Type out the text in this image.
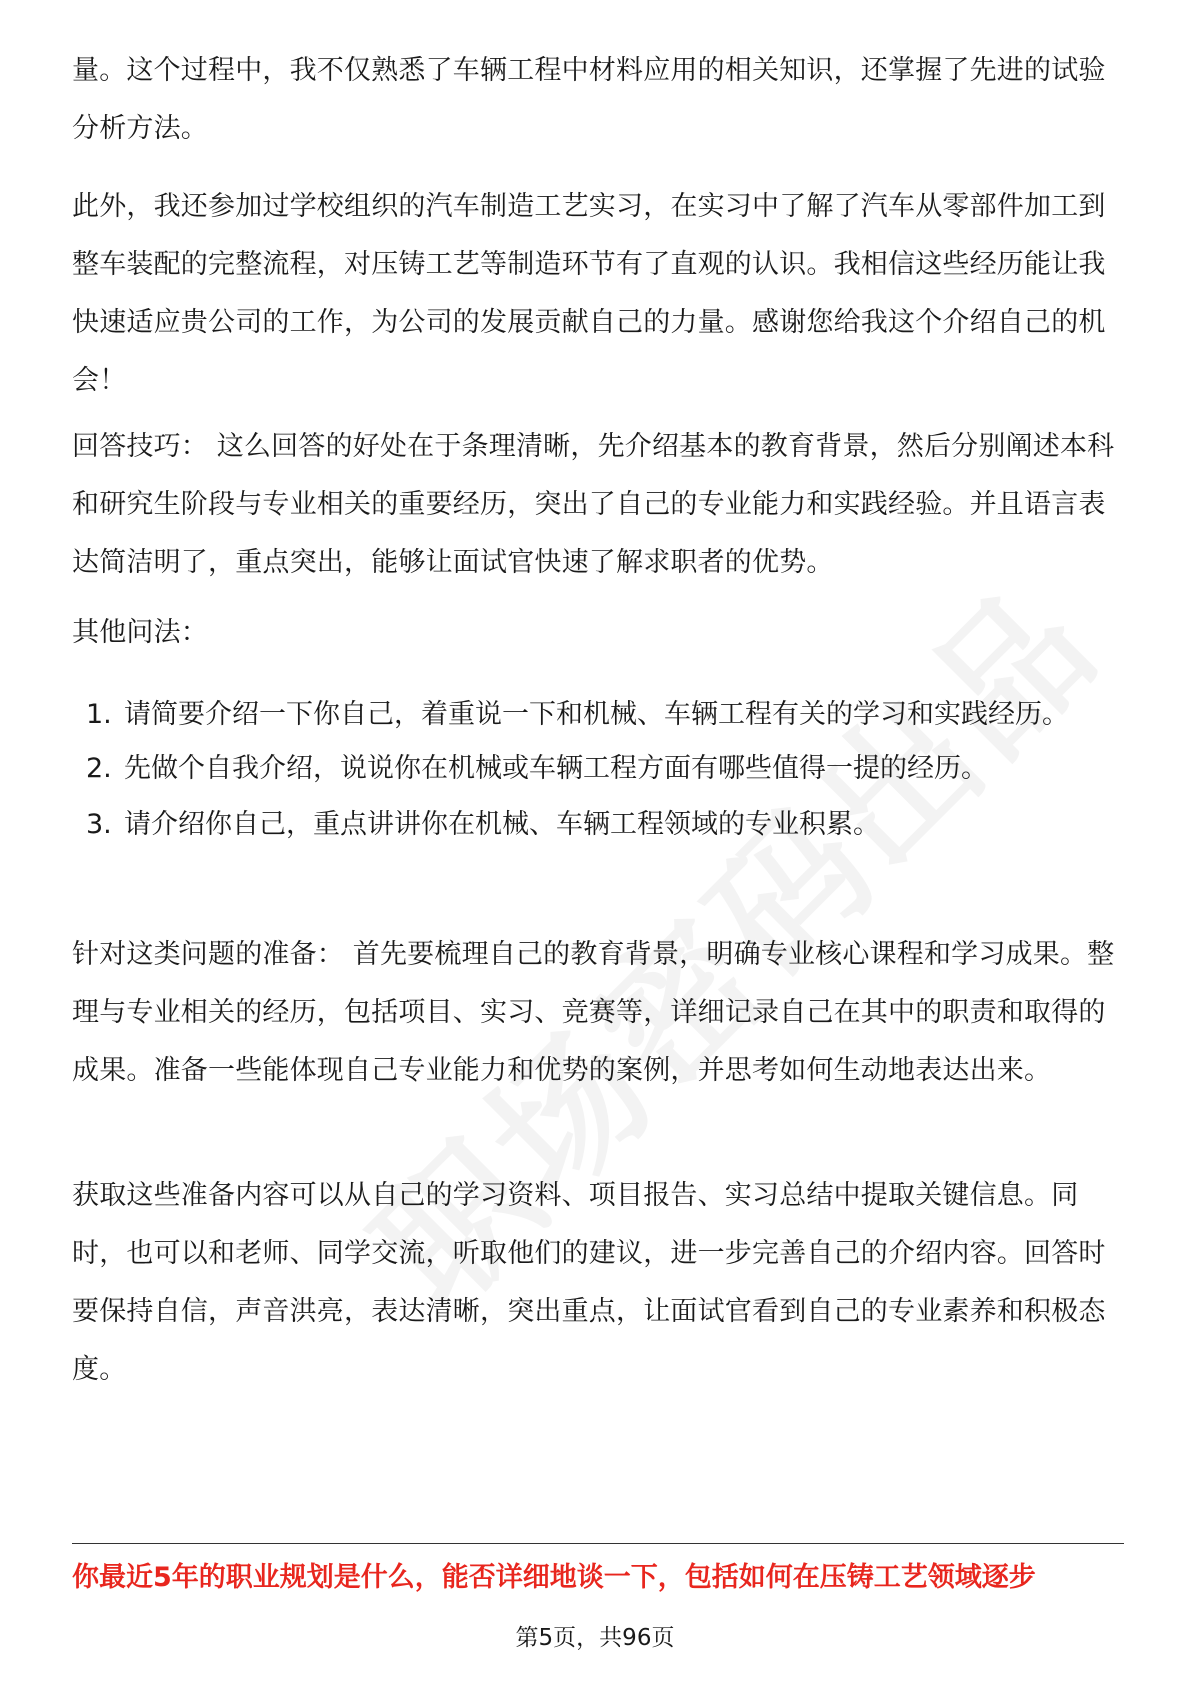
量。这个过程中，我不仅熟悉了车辆工程中材料应用的相关知识，还掌握了先进的试验分析方法。

此外，我还参加过学校组织的汽车制造工艺实习，在实习中了解了汽车从零部件加工到整车装配的完整流程，对压铸工艺等制造环节有了直观的认识。我相信这些经历能让我快速适应贵公司的工作，为公司的发展贡献自己的力量。感谢您给我这个介绍自己的机会！

回答技巧： 这么回答的好处在于条理清晰，先介绍基本的教育背景，然后分别阐述本科和研究生阶段与专业相关的重要经历，突出了自己的专业能力和实践经验。并且语言表达简洁明了，重点突出，能够让面试官快速了解求职者的优势。

其他问法：

1. 请简要介绍一下你自己，着重说一下和机械、车辆工程有关的学习和实践经历。
2. 先做个自我介绍，说说你在机械或车辆工程方面有哪些值得一提的经历。
3. 请介绍你自己，重点讲讲你在机械、车辆工程领域的专业积累。

针对这类问题的准备： 首先要梳理自己的教育背景，明确专业核心课程和学习成果。整理与专业相关的经历，包括项目、实习、竞赛等，详细记录自己在其中的职责和取得的成果。准备一些能体现自己专业能力和优势的案例，并思考如何生动地表达出来。

获取这些准备内容可以从自己的学习资料、项目报告、实习总结中提取关键信息。同时，也可以和老师、同学交流，听取他们的建议，进一步完善自己的介绍内容。回答时要保持自信，声音洪亮，表达清晰，突出重点，让面试官看到自己的专业素养和积极态度。

你最近5年的职业规划是什么，能否详细地谈一下，包括如何在压铸工艺领域逐步

第5页，共96页
